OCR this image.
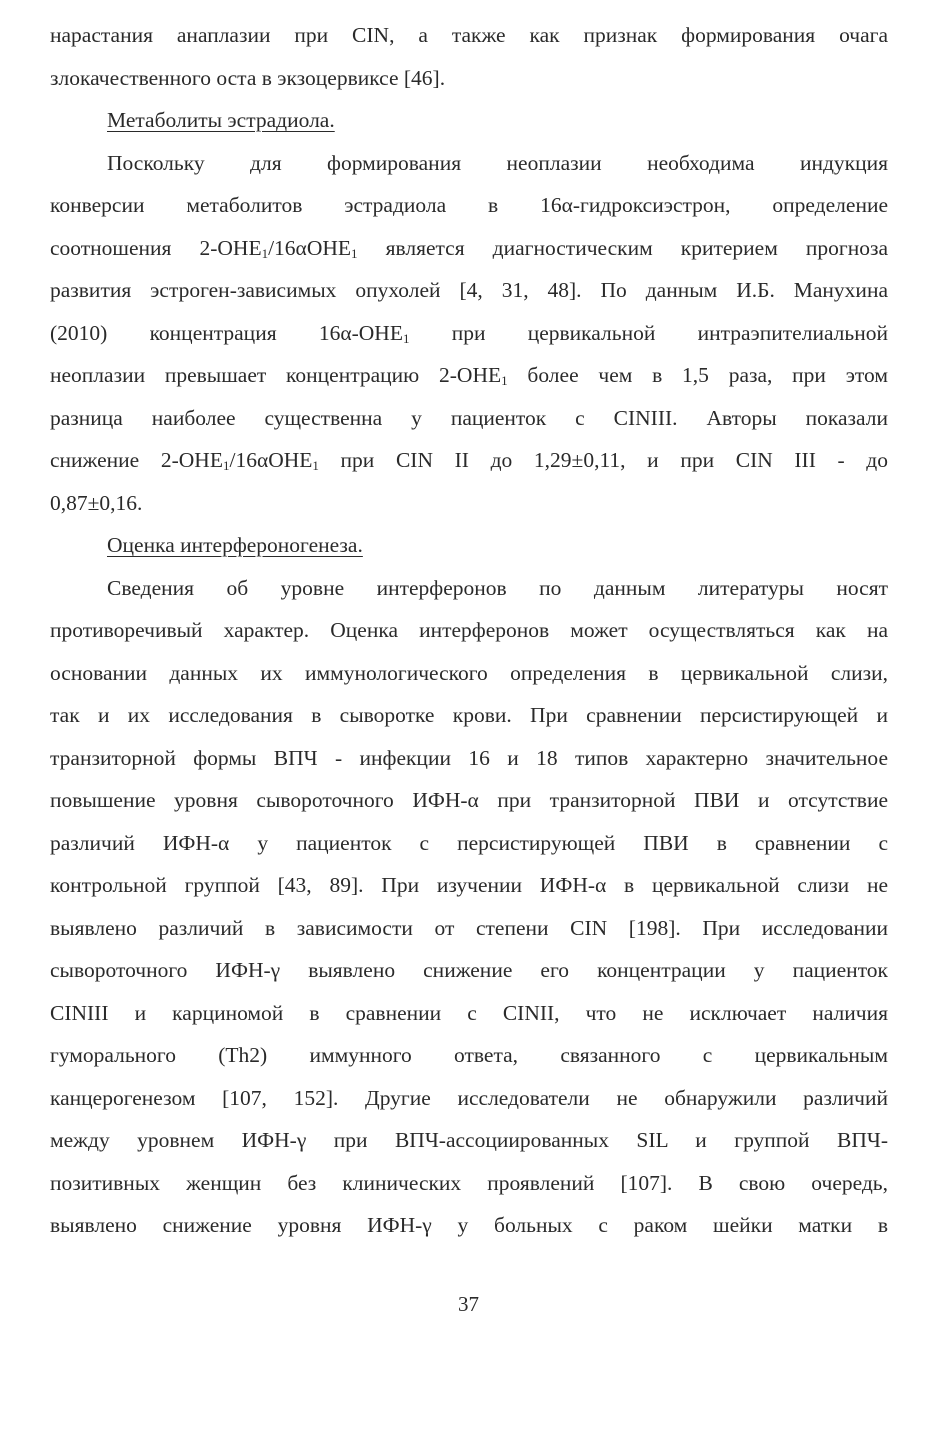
нарастания анаплазии при CIN, а также как признак формирования очага
злокачественного оста в экзоцервиксе [46].
Метаболиты эстрадиола.
Поскольку для формирования неоплазии необходима индукция
конверсии метаболитов эстрадиола в 16α-гидроксиэстрон, определение
соотношения $2-OHE_1/16\alpha OHE_1$ является диагностическим критерием прогноза
развития эстроген-зависимых опухолей [4, 31, 48]. По данным И.Б. Манухина
(2010) концентрация $16\alpha-OHE_1$ при цервикальной интраэпителиальной
неоплазии превышает концентрацию $2-OHE_1$ более чем в 1,5 раза, при этом
разница наиболее существенна у пациенток с CINIII. Авторы показали
снижение $2-OHE_1/16\alpha OHE_1$ при CIN II до 1,29±0,11, и при CIN III - до
0,87±0,16.
Оценка интерфероногенеза.
Сведения об уровне интерферонов по данным литературы носят
противоречивый характер. Оценка интерферонов может осуществляться как на
основании данных их иммунологического определения в цервикальной слизи,
так и их исследования в сыворотке крови. При сравнении персистирующей и
транзиторной формы ВПЧ - инфекции 16 и 18 типов характерно значительное
повышение уровня сывороточного ИФН-α при транзиторной ПВИ и отсутствие
различий ИФН-α у пациенток с персистирующей ПВИ в сравнении с
контрольной группой [43, 89]. При изучении ИФН-α в цервикальной слизи не
выявлено различий в зависимости от степени CIN [198]. При исследовании
сывороточного ИФН-γ выявлено снижение его концентрации у пациенток
CINIII и карциномой в сравнении с CINII, что не исключает наличия
гуморального (Th2) иммунного ответа, связанного с цервикальным
канцерогенезом [107, 152]. Другие исследователи не обнаружили различий
между уровнем ИФН-γ при ВПЧ-ассоциированных SIL и группой ВПЧ-
позитивных женщин без клинических проявлений [107]. В свою очередь,
выявлено снижение уровня ИФН-γ у больных с раком шейки матки в
37
